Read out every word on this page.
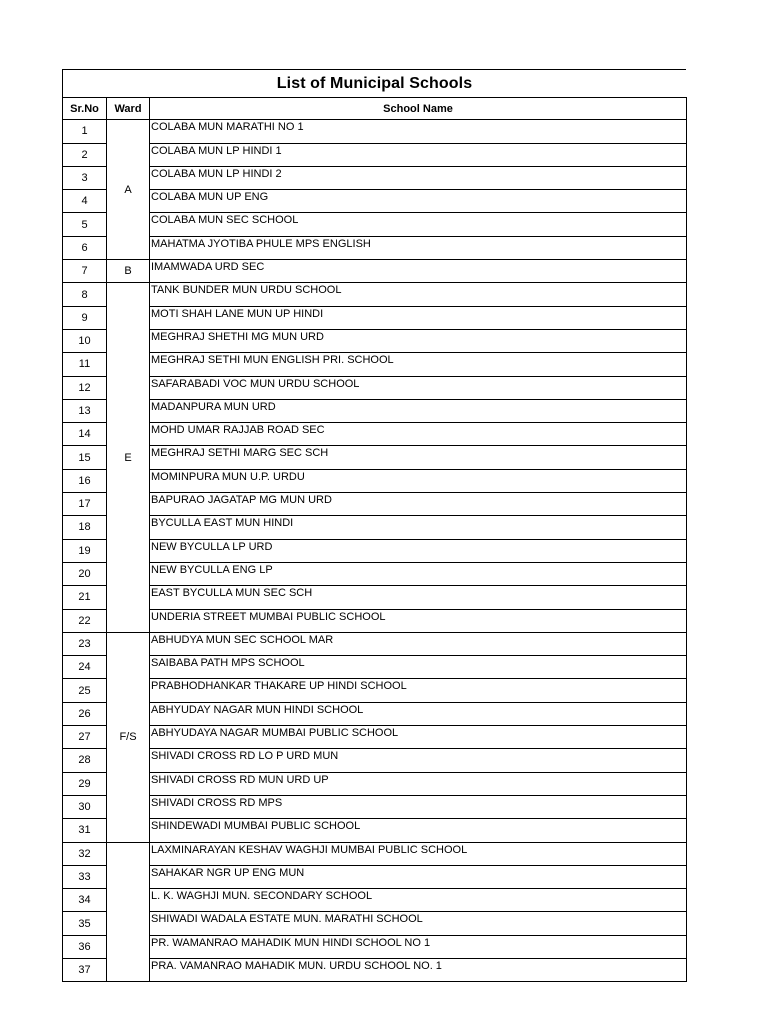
List of Municipal Schools
Sr.No	Ward	School Name
1	A	COLABA MUN MARATHI NO 1
2		COLABA MUN LP HINDI 1
3		COLABA MUN LP HINDI 2
4		COLABA MUN UP ENG
5		COLABA MUN SEC SCHOOL
6		MAHATMA JYOTIBA PHULE MPS ENGLISH
7	B	IMAMWADA URD SEC
8	E	TANK BUNDER MUN URDU SCHOOL
9		MOTI SHAH LANE MUN UP HINDI
10		MEGHRAJ SHETHI MG MUN URD
11		MEGHRAJ SETHI MUN ENGLISH PRI. SCHOOL
12		SAFARABADI VOC MUN URDU SCHOOL
13		MADANPURA MUN URD
14		MOHD UMAR RAJJAB ROAD SEC
15		MEGHRAJ SETHI MARG SEC SCH
16		MOMINPURA MUN U.P. URDU
17		BAPURAO JAGATAP MG MUN URD
18		BYCULLA EAST MUN HINDI
19		NEW BYCULLA LP URD
20		NEW BYCULLA ENG LP
21		EAST BYCULLA MUN SEC SCH
22		UNDERIA STREET MUMBAI PUBLIC SCHOOL
23	F/S	ABHUDYA MUN SEC SCHOOL MAR
24		SAIBABA PATH MPS SCHOOL
25		PRABHODHANKAR THAKARE UP HINDI SCHOOL
26		ABHYUDAY NAGAR MUN HINDI SCHOOL
27		ABHYUDAYA NAGAR MUMBAI PUBLIC SCHOOL
28		SHIVADI CROSS RD LO P URD MUN
29		SHIVADI CROSS RD MUN URD UP
30		SHIVADI CROSS RD MPS
31		SHINDEWADI MUMBAI PUBLIC SCHOOL
32		LAXMINARAYAN KESHAV WAGHJI MUMBAI PUBLIC SCHOOL
33		SAHAKAR NGR UP ENG MUN
34		L. K. WAGHJI MUN. SECONDARY SCHOOL
35		SHIWADI WADALA ESTATE MUN. MARATHI SCHOOL
36		PR. WAMANRAO MAHADIK MUN HINDI SCHOOL NO 1
37		PRA. VAMANRAO MAHADIK MUN. URDU SCHOOL NO. 1
